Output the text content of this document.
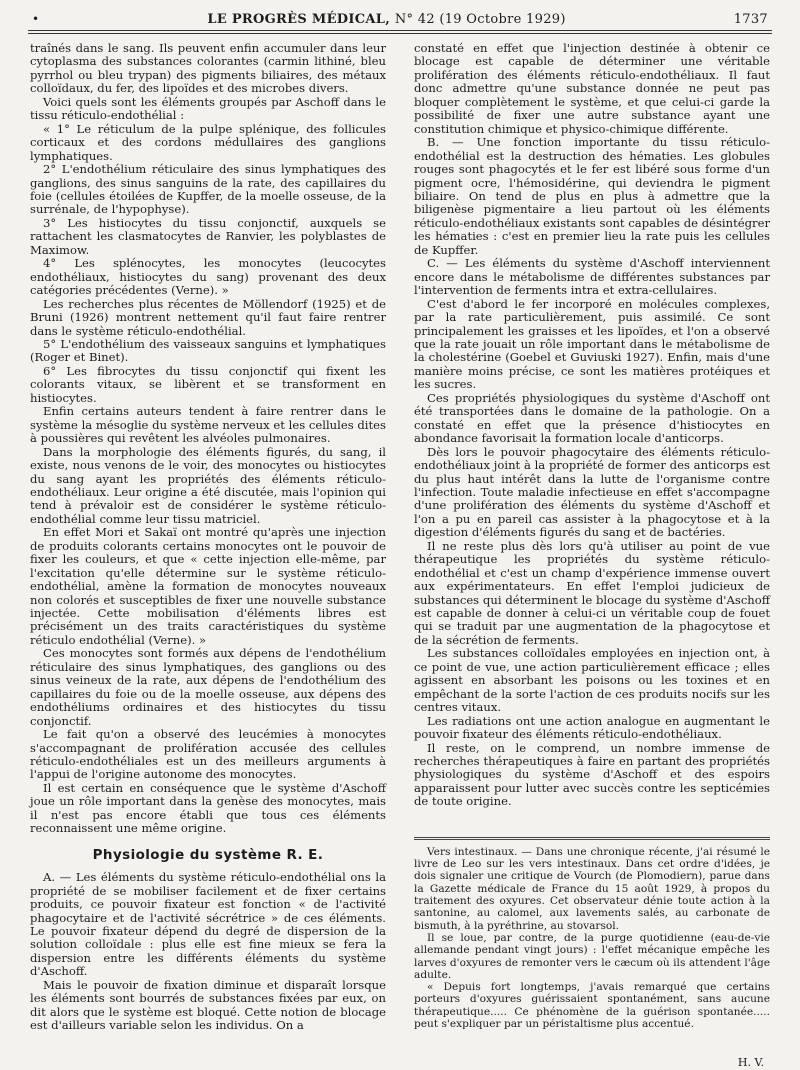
•	LE PROGRÈS MÉDICAL, N° 42 (19 Octobre 1929)	1737

traînés dans le sang. Ils peuvent enfin accumuler dans leur cytoplasma des substances colorantes (carmin lithiné, bleu pyrrhol ou bleu trypan) des pigments biliaires, des métaux colloïdaux, du fer, des lipoïdes et des microbes divers.

Voici quels sont les éléments groupés par Aschoff dans le tissu réticulo-endothélial :

« 1° Le réticulum de la pulpe splénique, des follicules corticaux et des cordons médullaires des ganglions lymphatiques.

2° L'endothélium réticulaire des sinus lymphatiques des ganglions, des sinus sanguins de la rate, des capillaires du foie (cellules étoilées de Kupffer, de la moelle osseuse, de la surrénale, de l'hypophyse).

3° Les histiocytes du tissu conjonctif, auxquels se rattachent les clasmatocytes de Ranvier, les polyblastes de Maximow.

4° Les splénocytes, les monocytes (leucocytes endothéliaux, histiocytes du sang) provenant des deux catégories précédentes (Verne). »

Les recherches plus récentes de Möllendorf (1925) et de Bruni (1926) montrent nettement qu'il faut faire rentrer dans le système réticulo-endothélial.

5° L'endothélium des vaisseaux sanguins et lymphatiques (Roger et Binet).

6° Les fibrocytes du tissu conjonctif qui fixent les colorants vitaux, se libèrent et se transforment en histiocytes.

Enfin certains auteurs tendent à faire rentrer dans le système la mésoglie du système nerveux et les cellules dites à poussières qui revêtent les alvéoles pulmonaires.

Dans la morphologie des éléments figurés, du sang, il existe, nous venons de le voir, des monocytes ou histiocytes du sang ayant les propriétés des éléments réticulo-endothéliaux. Leur origine a été discutée, mais l'opinion qui tend à prévaloir est de considérer le système réticulo-endothélial comme leur tissu matriciel.

En effet Mori et Sakaï ont montré qu'après une injection de produits colorants certains monocytes ont le pouvoir de fixer les couleurs, et que « cette injection elle-même, par l'excitation qu'elle détermine sur le système réticulo-endothélial, amène la formation de monocytes nouveaux non colorés et susceptibles de fixer une nouvelle substance injectée. Cette mobilisation d'éléments libres est précisément un des traits caractéristiques du système réticulo endothélial (Verne). »

Ces monocytes sont formés aux dépens de l'endothélium réticulaire des sinus lymphatiques, des ganglions ou des sinus veineux de la rate, aux dépens de l'endothélium des capillaires du foie ou de la moelle osseuse, aux dépens des endothéliums ordinaires et des histiocytes du tissu conjonctif.

Le fait qu'on a observé des leucémies à monocytes s'accompagnant de prolifération accusée des cellules réticulo-endothéliales est un des meilleurs arguments à l'appui de l'origine autonome des monocytes.

Il est certain en conséquence que le système d'Aschoff joue un rôle important dans la genèse des monocytes, mais il n'est pas encore établi que tous ces éléments reconnaissent une même origine.

Physiologie du système R. E.

A. — Les éléments du système réticulo-endothélial ons la propriété de se mobiliser facilement et de fixer certains produits, ce pouvoir fixateur est fonction « de l'activité phagocytaire et de l'activité sécrétrice » de ces éléments. Le pouvoir fixateur dépend du degré de dispersion de la solution colloïdale : plus elle est fine mieux se fera la dispersion entre les différents éléments du système d'Aschoff.

Mais le pouvoir de fixation diminue et disparaît lorsque les éléments sont bourrés de substances fixées par eux, on dit alors que le système est bloqué. Cette notion de blocage est d'ailleurs variable selon les individus. On a

constaté en effet que l'injection destinée à obtenir ce blocage est capable de déterminer une véritable prolifération des éléments réticulo-endothéliaux. Il faut donc admettre qu'une substance donnée ne peut pas bloquer complètement le système, et que celui-ci garde la possibilité de fixer une autre substance ayant une constitution chimique et physico-chimique différente.

B. — Une fonction importante du tissu réticulo-endothélial est la destruction des hématies. Les globules rouges sont phagocytés et le fer est libéré sous forme d'un pigment ocre, l'hémosidérine, qui deviendra le pigment biliaire. On tend de plus en plus à admettre que la biligenèse pigmentaire a lieu partout où les éléments réticulo-endothéliaux existants sont capables de désintégrer les hématies : c'est en premier lieu la rate puis les cellules de Kupffer.

C. — Les éléments du système d'Aschoff interviennent encore dans le métabolisme de différentes substances par l'intervention de ferments intra et extra-cellulaires.

C'est d'abord le fer incorporé en molécules complexes, par la rate particulièrement, puis assimilé. Ce sont principalement les graisses et les lipoïdes, et l'on a observé que la rate jouait un rôle important dans le métabolisme de la cholestérine (Goebel et Guviuski 1927). Enfin, mais d'une manière moins précise, ce sont les matières protéiques et les sucres.

Ces propriétés physiologiques du système d'Aschoff ont été transportées dans le domaine de la pathologie. On a constaté en effet que la présence d'histiocytes en abondance favorisait la formation locale d'anticorps.

Dès lors le pouvoir phagocytaire des éléments réticulo-endothéliaux joint à la propriété de former des anticorps est du plus haut intérêt dans la lutte de l'organisme contre l'infection. Toute maladie infectieuse en effet s'accompagne d'une prolifération des éléments du système d'Aschoff et l'on a pu en pareil cas assister à la phagocytose et à la digestion d'éléments figurés du sang et de bactéries.

Il ne reste plus dès lors qu'à utiliser au point de vue thérapeutique les propriétés du système réticulo-endothélial et c'est un champ d'expérience immense ouvert aux expérimentateurs. En effet l'emploi judicieux de substances qui déterminent le blocage du système d'Aschoff est capable de donner à celui-ci un véritable coup de fouet qui se traduit par une augmentation de la phagocytose et de la sécrétion de ferments.

Les substances colloïdales employées en injection ont, à ce point de vue, une action particulièrement efficace ; elles agissent en absorbant les poisons ou les toxines et en empêchant de la sorte l'action de ces produits nocifs sur les centres vitaux.

Les radiations ont une action analogue en augmentant le pouvoir fixateur des éléments réticulo-endothéliaux.

Il reste, on le comprend, un nombre immense de recherches thérapeutiques à faire en partant des propriétés physiologiques du système d'Aschoff et des espoirs apparaissent pour lutter avec succès contre les septicémies de toute origine.

Vers intestinaux. — Dans une chronique récente, j'ai résumé le livre de Leo sur les vers intestinaux. Dans cet ordre d'idées, je dois signaler une critique de Vourch (de Plomodiern), parue dans la Gazette médicale de France du 15 août 1929, à propos du traitement des oxyures. Cet observateur dénie toute action à la santonine, au calomel, aux lavements salés, au carbonate de bismuth, à la pyréthrine, au stovarsol.

Il se loue, par contre, de la purge quotidienne (eau-de-vie allemande pendant vingt jours) : l'effet mécanique empêche les larves d'oxyures de remonter vers le cæcum où ils attendent l'âge adulte.

« Depuis fort longtemps, j'avais remarqué que certains porteurs d'oxyures guérissaient spontanément, sans aucune thérapeutique..... Ce phénomène de la guérison spontanée..... peut s'expliquer par un péristaltisme plus accentué.

H. V.
